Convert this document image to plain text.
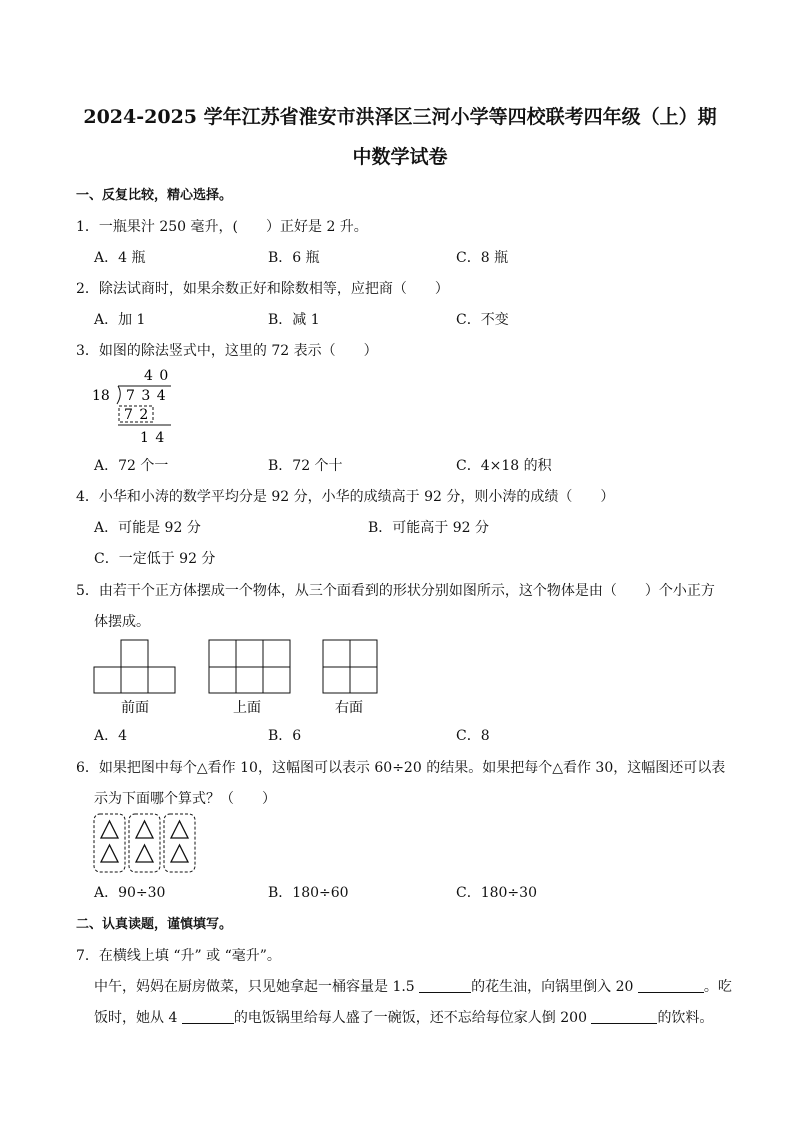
2024-2025 学年江苏省淮安市洪泽区三河小学等四校联考四年级（上）期
中数学试卷
一、反复比较，精心选择。
1．一瓶果汁 250 毫升，(　　）正好是 2 升。
A．4 瓶	B．6 瓶	C．8 瓶
2．除法试商时，如果余数正好和除数相等，应把商（　　）
A．加 1	B．减 1	C．不变
3．如图的除法竖式中，这里的 72 表示（　　）
4 0
18 7 3 4
7 2
1 4
A．72 个一	B．72 个十	C．4×18 的积
4．小华和小涛的数学平均分是 92 分，小华的成绩高于 92 分，则小涛的成绩（　　）
A．可能是 92 分	B．可能高于 92 分
C．一定低于 92 分
5．由若干个正方体摆成一个物体，从三个面看到的形状分别如图所示，这个物体是由（　　）个小正方
体摆成。
前面	上面	右面
A．4	B．6	C．8
6．如果把图中每个△看作 10，这幅图可以表示 60÷20 的结果。如果把每个△看作 30，这幅图还可以表
示为下面哪个算式？（　　）
A．90÷30	B．180÷60	C．180÷30
二、认真读题，谨慎填写。
7．在横线上填 “升” 或 “毫升”。
中午，妈妈在厨房做菜，只见她拿起一桶容量是 1.5	的花生油，向锅里倒入 20	。吃
饭时，她从 4	的电饭锅里给每人盛了一碗饭，还不忘给每位家人倒 200	的饮料。
